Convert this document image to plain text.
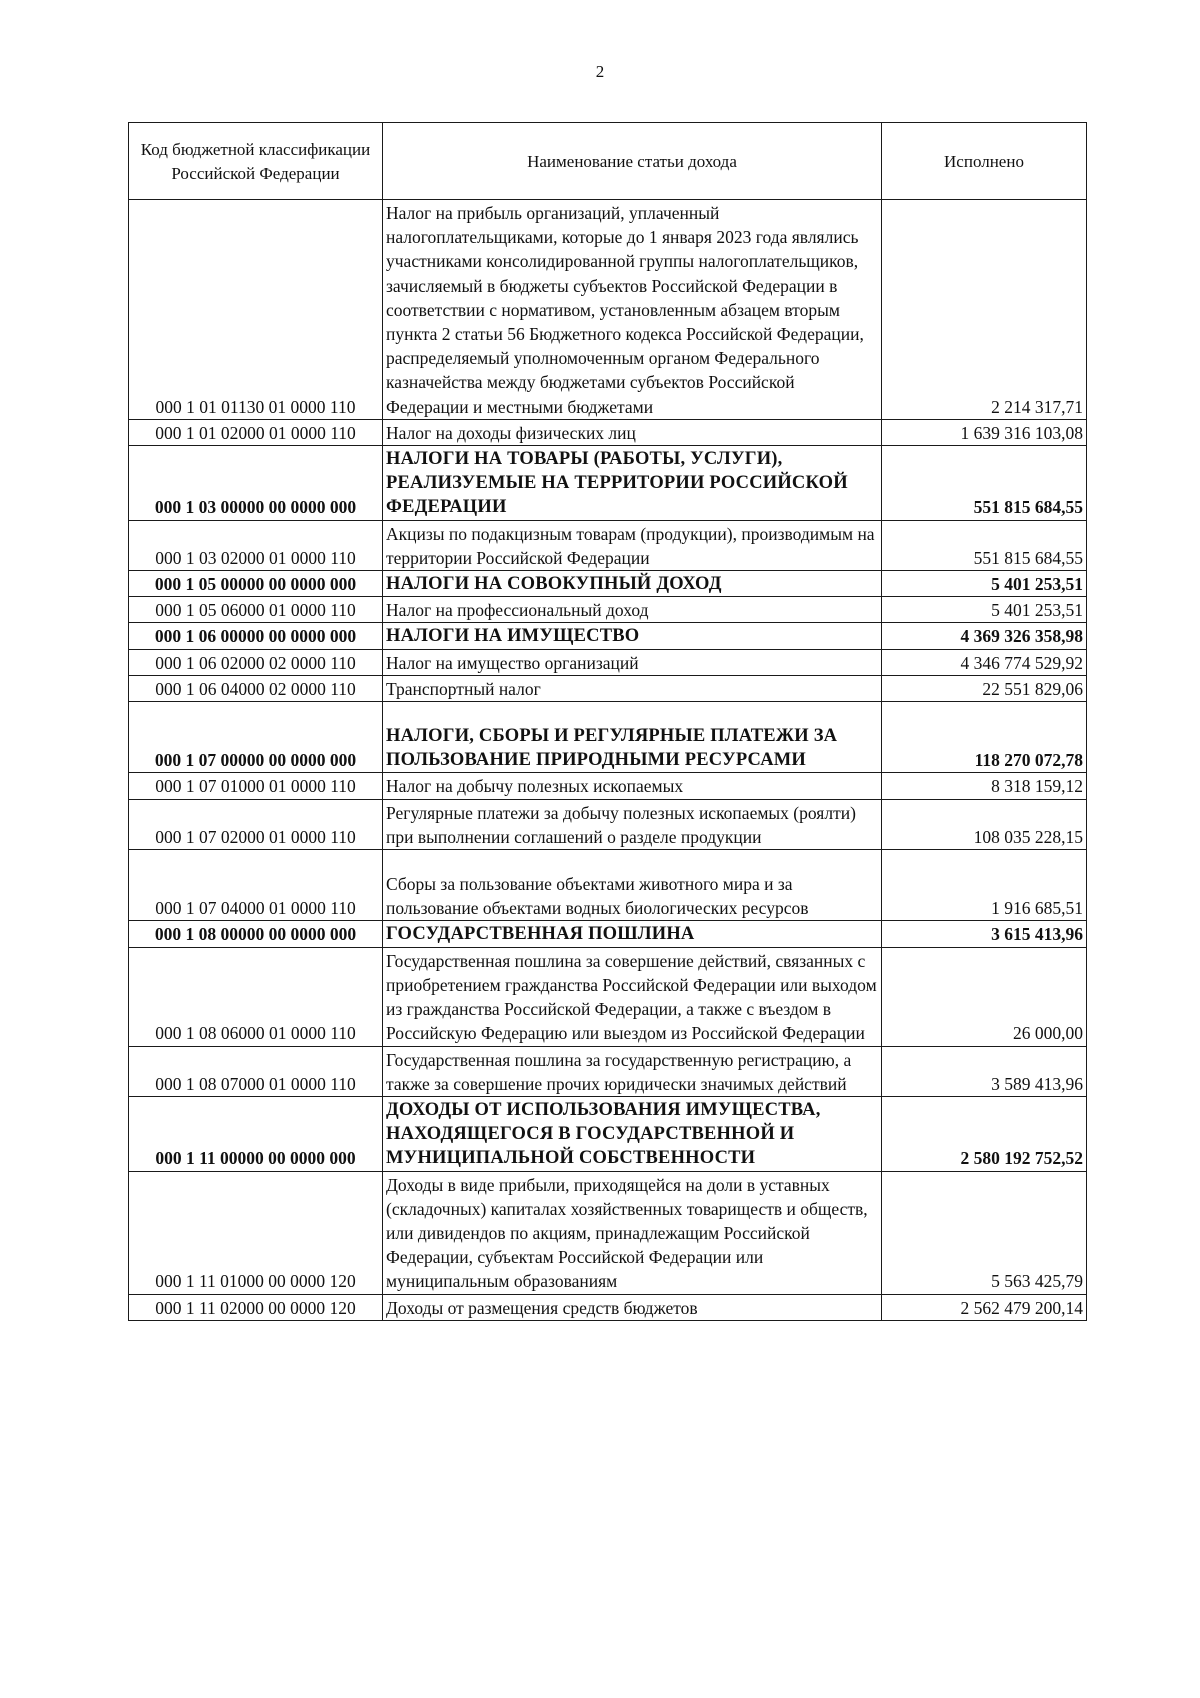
2
Код бюджетной классификации Российской Федерации	Наименование статьи дохода	Исполнено
000 1 01 01130 01 0000 110	Налог на прибыль организаций, уплаченный налогоплательщиками, которые до 1 января 2023 года являлись участниками консолидированной группы налогоплательщиков, зачисляемый в бюджеты субъектов Российской Федерации в соответствии с нормативом, установленным абзацем вторым пункта 2 статьи 56 Бюджетного кодекса Российской Федерации, распределяемый уполномоченным органом Федерального казначейства между бюджетами субъектов Российской Федерации и местными бюджетами	2 214 317,71
000 1 01 02000 01 0000 110	Налог на доходы физических лиц	1 639 316 103,08
000 1 03 00000 00 0000 000	НАЛОГИ НА ТОВАРЫ (РАБОТЫ, УСЛУГИ), РЕАЛИЗУЕМЫЕ НА ТЕРРИТОРИИ РОССИЙСКОЙ ФЕДЕРАЦИИ	551 815 684,55
000 1 03 02000 01 0000 110	Акцизы по подакцизным товарам (продукции), производимым на территории Российской Федерации	551 815 684,55
000 1 05 00000 00 0000 000	НАЛОГИ НА СОВОКУПНЫЙ ДОХОД	5 401 253,51
000 1 05 06000 01 0000 110	Налог на профессиональный доход	5 401 253,51
000 1 06 00000 00 0000 000	НАЛОГИ НА ИМУЩЕСТВО	4 369 326 358,98
000 1 06 02000 02 0000 110	Налог на имущество организаций	4 346 774 529,92
000 1 06 04000 02 0000 110	Транспортный налог	22 551 829,06
000 1 07 00000 00 0000 000	НАЛОГИ, СБОРЫ И РЕГУЛЯРНЫЕ ПЛАТЕЖИ ЗА ПОЛЬЗОВАНИЕ ПРИРОДНЫМИ РЕСУРСАМИ	118 270 072,78
000 1 07 01000 01 0000 110	Налог на добычу полезных ископаемых	8 318 159,12
000 1 07 02000 01 0000 110	Регулярные платежи за добычу полезных ископаемых (роялти) при выполнении соглашений о разделе продукции	108 035 228,15
000 1 07 04000 01 0000 110	Сборы за пользование объектами животного мира и за пользование объектами водных биологических ресурсов	1 916 685,51
000 1 08 00000 00 0000 000	ГОСУДАРСТВЕННАЯ ПОШЛИНА	3 615 413,96
000 1 08 06000 01 0000 110	Государственная пошлина за совершение действий, связанных с приобретением гражданства Российской Федерации или выходом из гражданства Российской Федерации, а также с въездом в Российскую Федерацию или выездом из Российской Федерации	26 000,00
000 1 08 07000 01 0000 110	Государственная пошлина за государственную регистрацию, а также за совершение прочих юридически значимых действий	3 589 413,96
000 1 11 00000 00 0000 000	ДОХОДЫ ОТ ИСПОЛЬЗОВАНИЯ ИМУЩЕСТВА, НАХОДЯЩЕГОСЯ В ГОСУДАРСТВЕННОЙ И МУНИЦИПАЛЬНОЙ СОБСТВЕННОСТИ	2 580 192 752,52
000 1 11 01000 00 0000 120	Доходы в виде прибыли, приходящейся на доли в уставных (складочных) капиталах хозяйственных товариществ и обществ, или дивидендов по акциям, принадлежащим Российской Федерации, субъектам Российской Федерации или муниципальным образованиям	5 563 425,79
000 1 11 02000 00 0000 120	Доходы от размещения средств бюджетов	2 562 479 200,14
